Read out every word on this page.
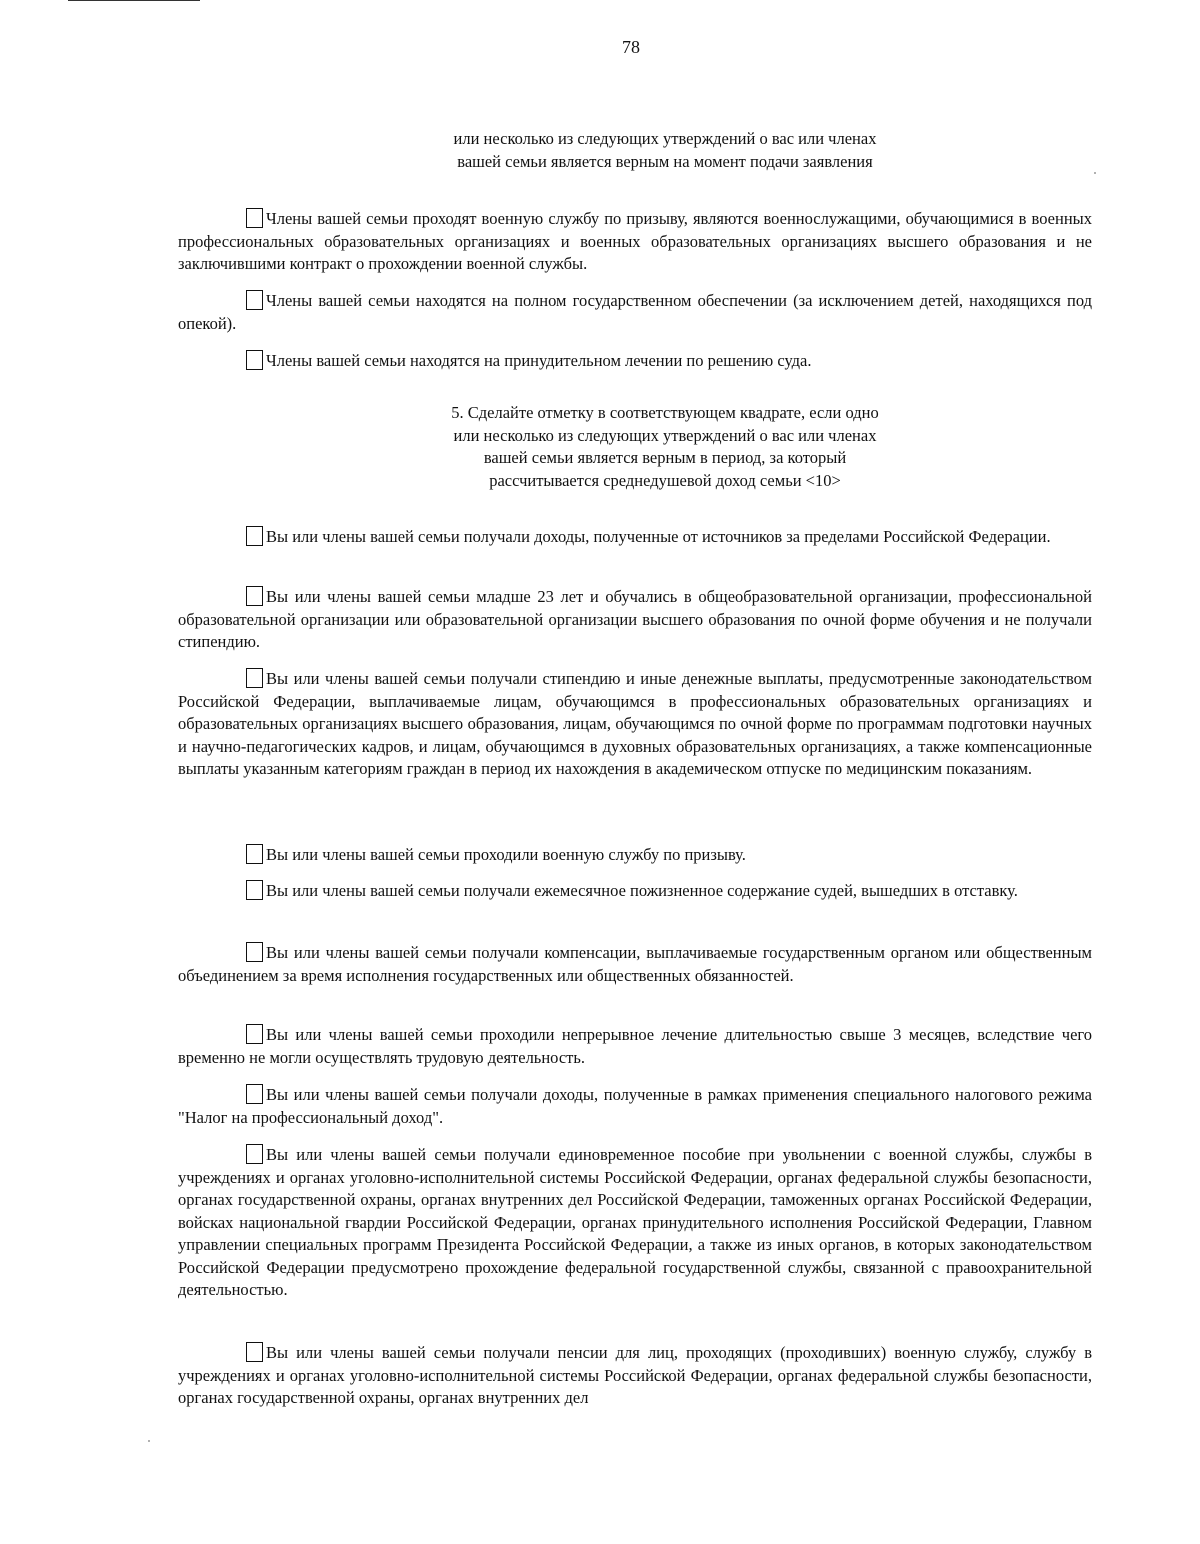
78
или несколько из следующих утверждений о вас или членах
вашей семьи является верным на момент подачи заявления
Члены вашей семьи проходят военную службу по призыву, являются военнослужащими, обучающимися в военных профессиональных образовательных организациях и военных образовательных организациях высшего образования и не заключившими контракт о прохождении военной службы.
Члены вашей семьи находятся на полном государственном обеспечении (за исключением детей, находящихся под опекой).
Члены вашей семьи находятся на принудительном лечении по решению суда.
5. Сделайте отметку в соответствующем квадрате, если одно
или несколько из следующих утверждений о вас или членах
вашей семьи является верным в период, за который
рассчитывается среднедушевой доход семьи <10>
Вы или члены вашей семьи получали доходы, полученные от источников за пределами Российской Федерации.
Вы или члены вашей семьи младше 23 лет и обучались в общеобразовательной организации, профессиональной образовательной организации или образовательной организации высшего образования по очной форме обучения и не получали стипендию.
Вы или члены вашей семьи получали стипендию и иные денежные выплаты, предусмотренные законодательством Российской Федерации, выплачиваемые лицам, обучающимся в профессиональных образовательных организациях и образовательных организациях высшего образования, лицам, обучающимся по очной форме по программам подготовки научных и научно-педагогических кадров, и лицам, обучающимся в духовных образовательных организациях, а также компенсационные выплаты указанным категориям граждан в период их нахождения в академическом отпуске по медицинским показаниям.
Вы или члены вашей семьи проходили военную службу по призыву.
Вы или члены вашей семьи получали ежемесячное пожизненное содержание судей, вышедших в отставку.
Вы или члены вашей семьи получали компенсации, выплачиваемые государственным органом или общественным объединением за время исполнения государственных или общественных обязанностей.
Вы или члены вашей семьи проходили непрерывное лечение длительностью свыше 3 месяцев, вследствие чего временно не могли осуществлять трудовую деятельность.
Вы или члены вашей семьи получали доходы, полученные в рамках применения специального налогового режима "Налог на профессиональный доход".
Вы или члены вашей семьи получали единовременное пособие при увольнении с военной службы, службы в учреждениях и органах уголовно-исполнительной системы Российской Федерации, органах федеральной службы безопасности, органах государственной охраны, органах внутренних дел Российской Федерации, таможенных органах Российской Федерации, войсках национальной гвардии Российской Федерации, органах принудительного исполнения Российской Федерации, Главном управлении специальных программ Президента Российской Федерации, а также из иных органов, в которых законодательством Российской Федерации предусмотрено прохождение федеральной государственной службы, связанной с правоохранительной деятельностью.
Вы или члены вашей семьи получали пенсии для лиц, проходящих (проходивших) военную службу, службу в учреждениях и органах уголовно-исполнительной системы Российской Федерации, органах федеральной службы безопасности, органах государственной охраны, органах внутренних дел
